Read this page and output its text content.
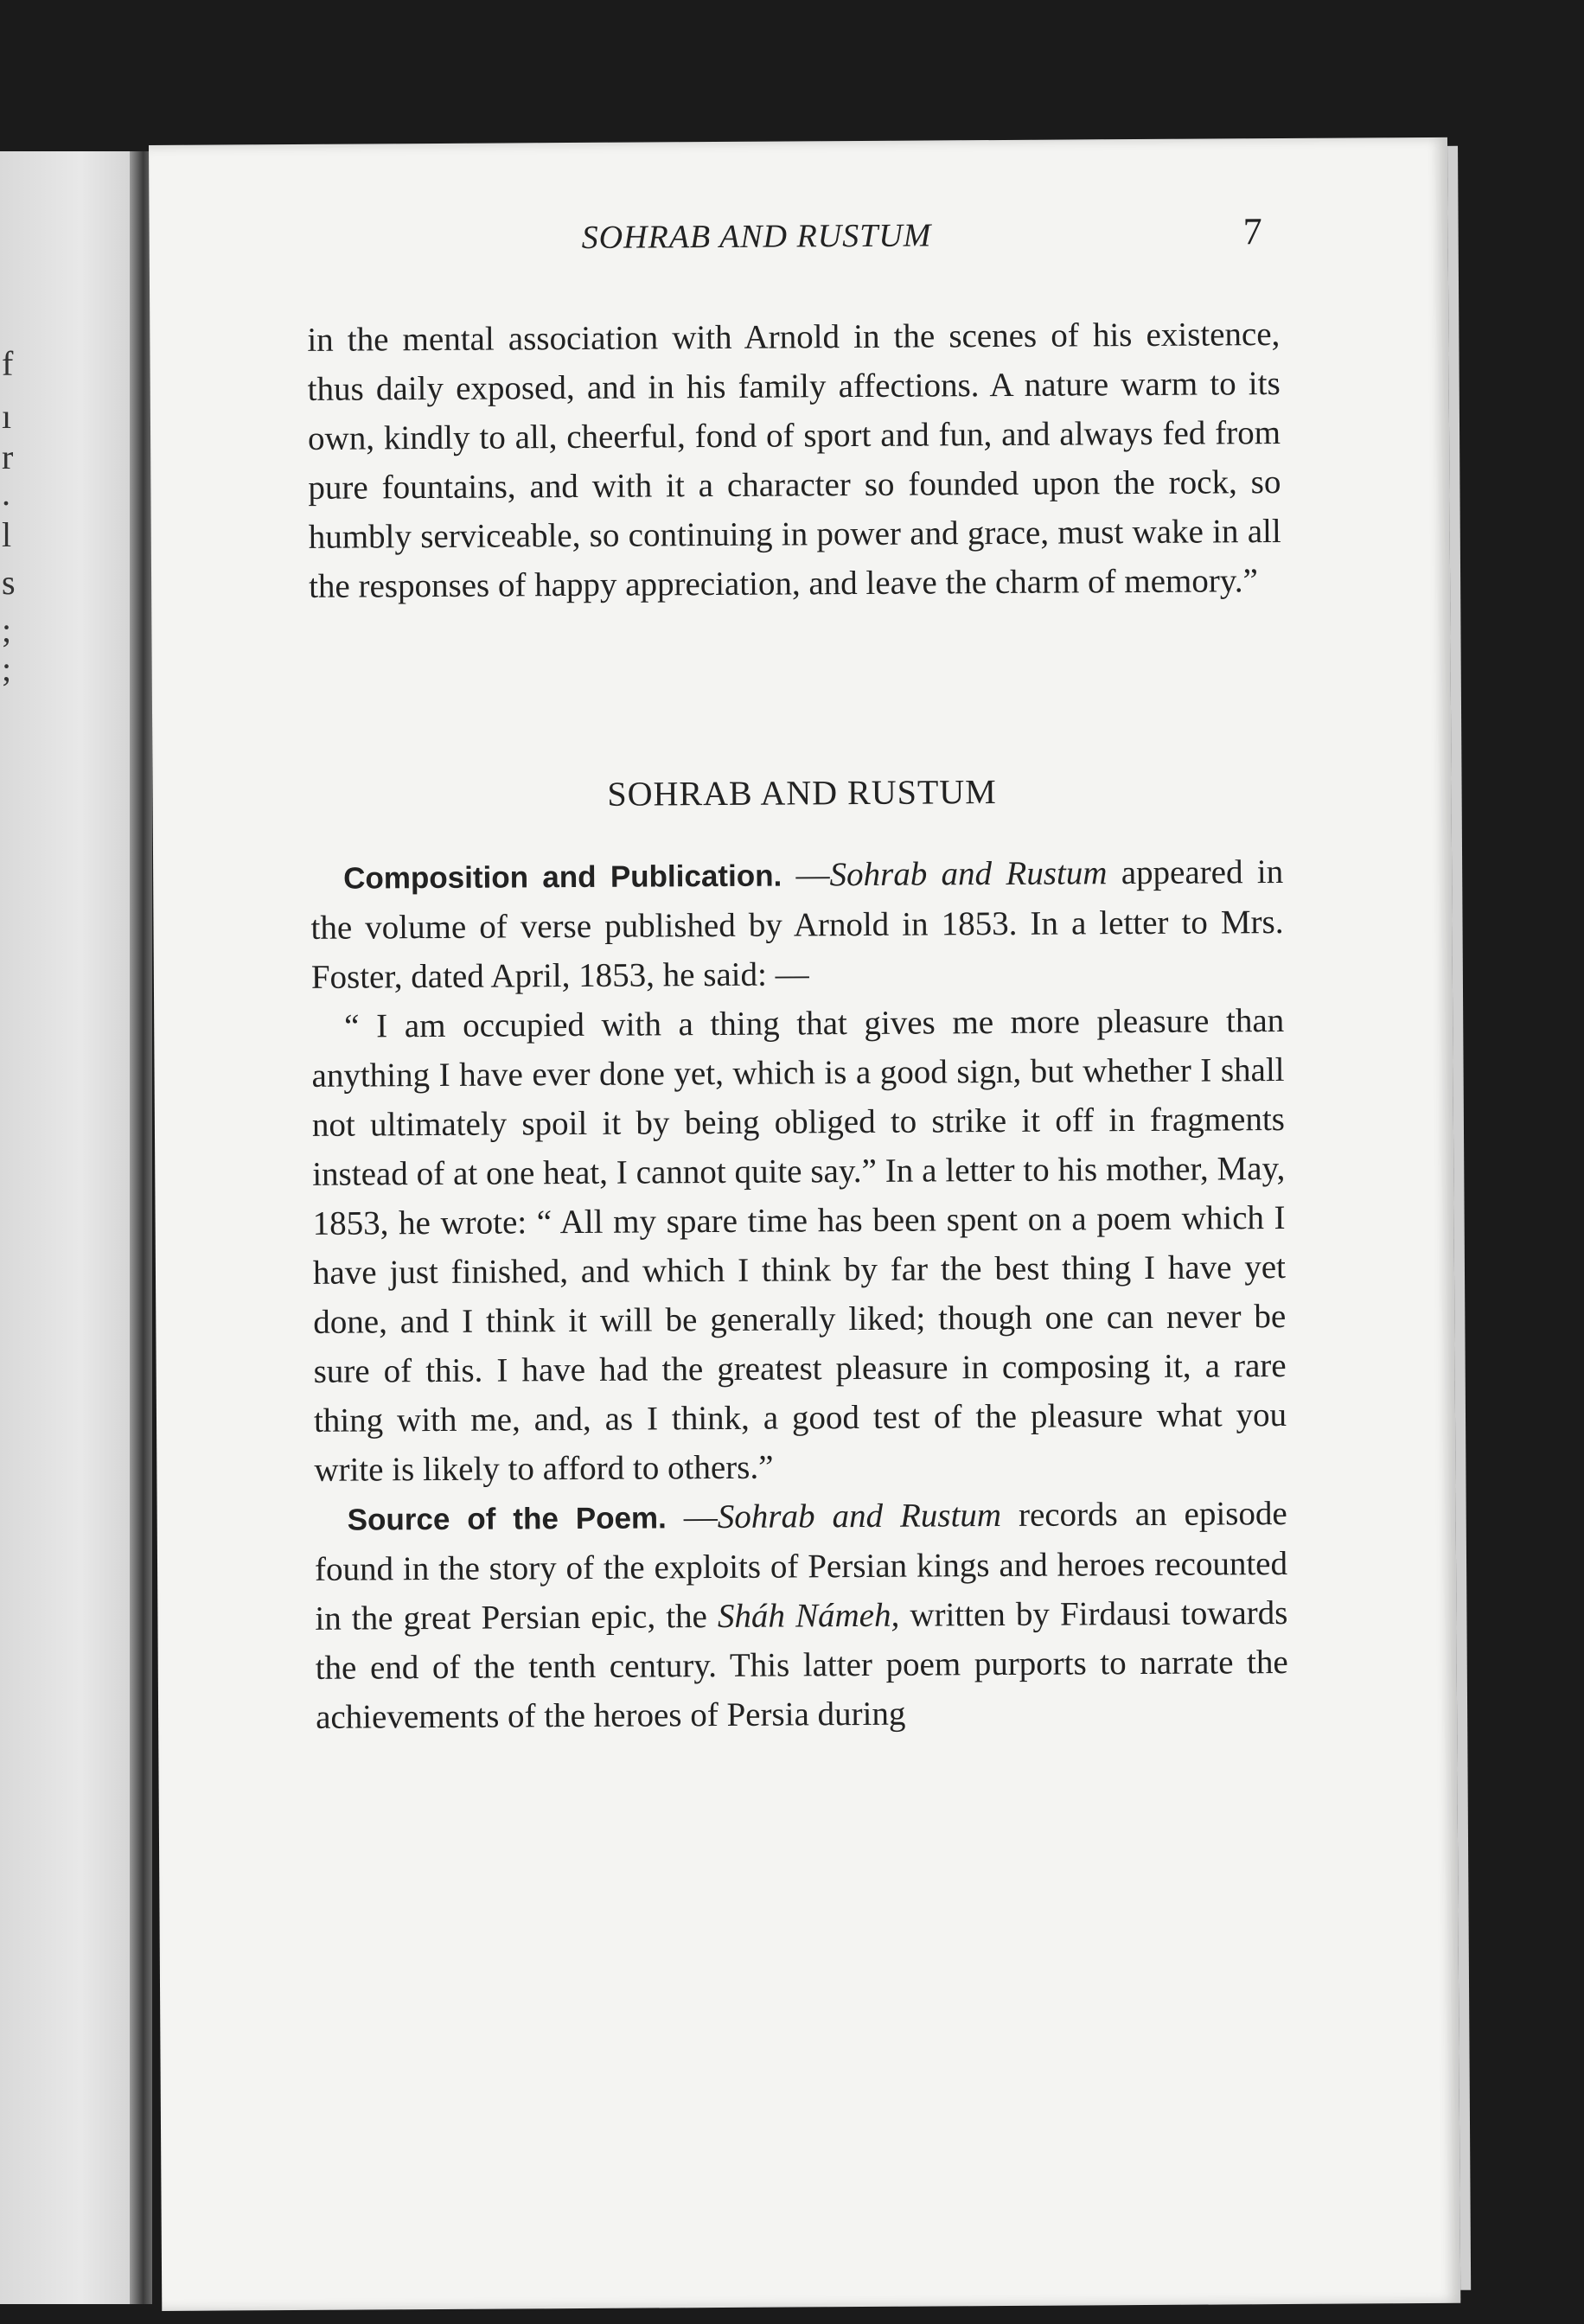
f
ı
r
.
l
s
;
;
SOHRAB AND RUSTUM	7

in the mental association with Arnold in the scenes of his existence, thus daily exposed, and in his family affections. A nature warm to its own, kindly to all, cheerful, fond of sport and fun, and always fed from pure fountains, and with it a character so founded upon the rock, so humbly serviceable, so continuing in power and grace, must wake in all the responses of happy appreciation, and leave the charm of memory.”

SOHRAB AND RUSTUM

Composition and Publication. —Sohrab and Rustum appeared in the volume of verse published by Arnold in 1853. In a letter to Mrs. Foster, dated April, 1853, he said: —

“ I am occupied with a thing that gives me more pleasure than anything I have ever done yet, which is a good sign, but whether I shall not ultimately spoil it by being obliged to strike it off in fragments instead of at one heat, I cannot quite say.” In a letter to his mother, May, 1853, he wrote: “ All my spare time has been spent on a poem which I have just finished, and which I think by far the best thing I have yet done, and I think it will be generally liked; though one can never be sure of this. I have had the greatest pleasure in composing it, a rare thing with me, and, as I think, a good test of the pleasure what you write is likely to afford to others.”

Source of the Poem. —Sohrab and Rustum records an episode found in the story of the exploits of Persian kings and heroes recounted in the great Persian epic, the Sháh Námeh, written by Firdausi towards the end of the tenth century. This latter poem purports to narrate the achievements of the heroes of Persia during
